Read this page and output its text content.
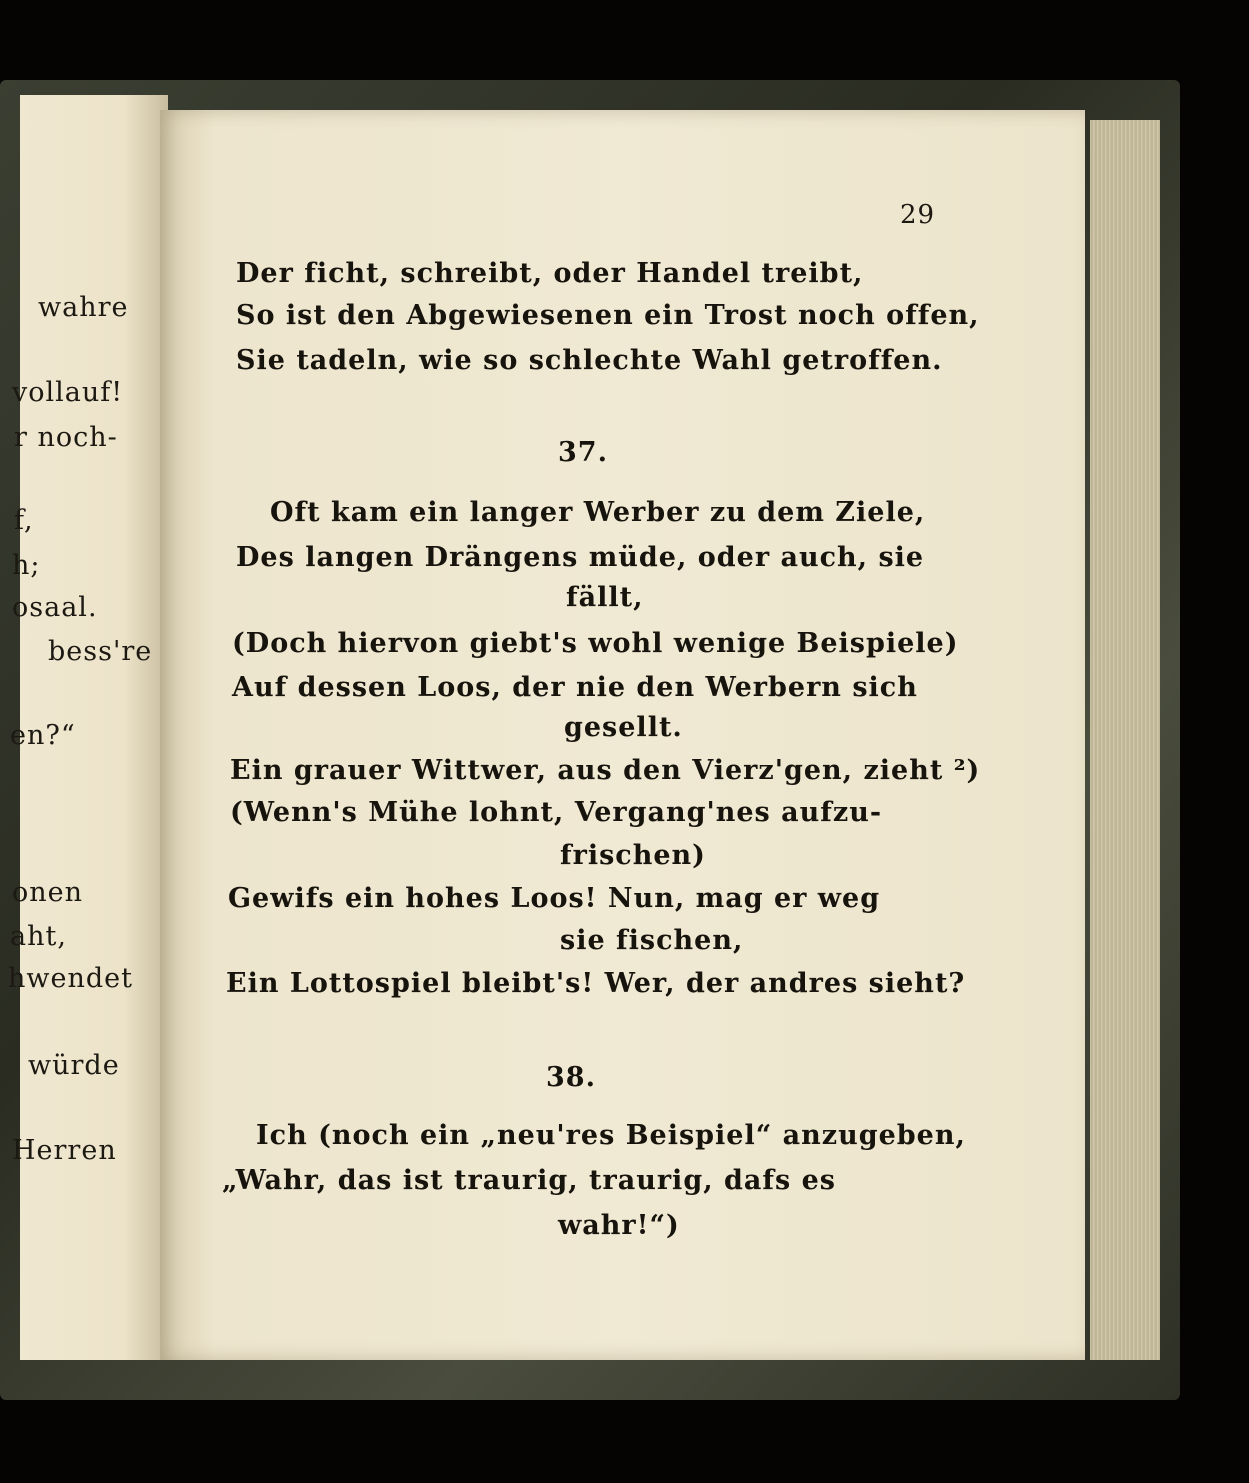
wahre
vollauf!
r noch-
f,
h;
osaal.
bess're
en?“
onen
aht,
hwendet
würde
Herren
29
Der ficht, schreibt, oder Handel treibt,
So ist den Abgewiesenen ein Trost noch offen,
Sie tadeln, wie so schlechte Wahl getroffen.
37.
Oft kam ein langer Werber zu dem Ziele,
Des langen Drängens müde, oder auch, sie
fällt,
(Doch hiervon giebt's wohl wenige Beispiele)
Auf dessen Loos, der nie den Werbern sich
gesellt.
Ein grauer Wittwer, aus den Vierz'gen, zieht ²)
(Wenn's Mühe lohnt, Vergang'nes aufzu-
frischen)
Gewifs ein hohes Loos! Nun, mag er weg
sie fischen,
Ein Lottospiel bleibt's! Wer, der andres sieht?
38.
Ich (noch ein „neu'res Beispiel“ anzugeben,
„Wahr, das ist traurig, traurig, dafs es
wahr!“)
